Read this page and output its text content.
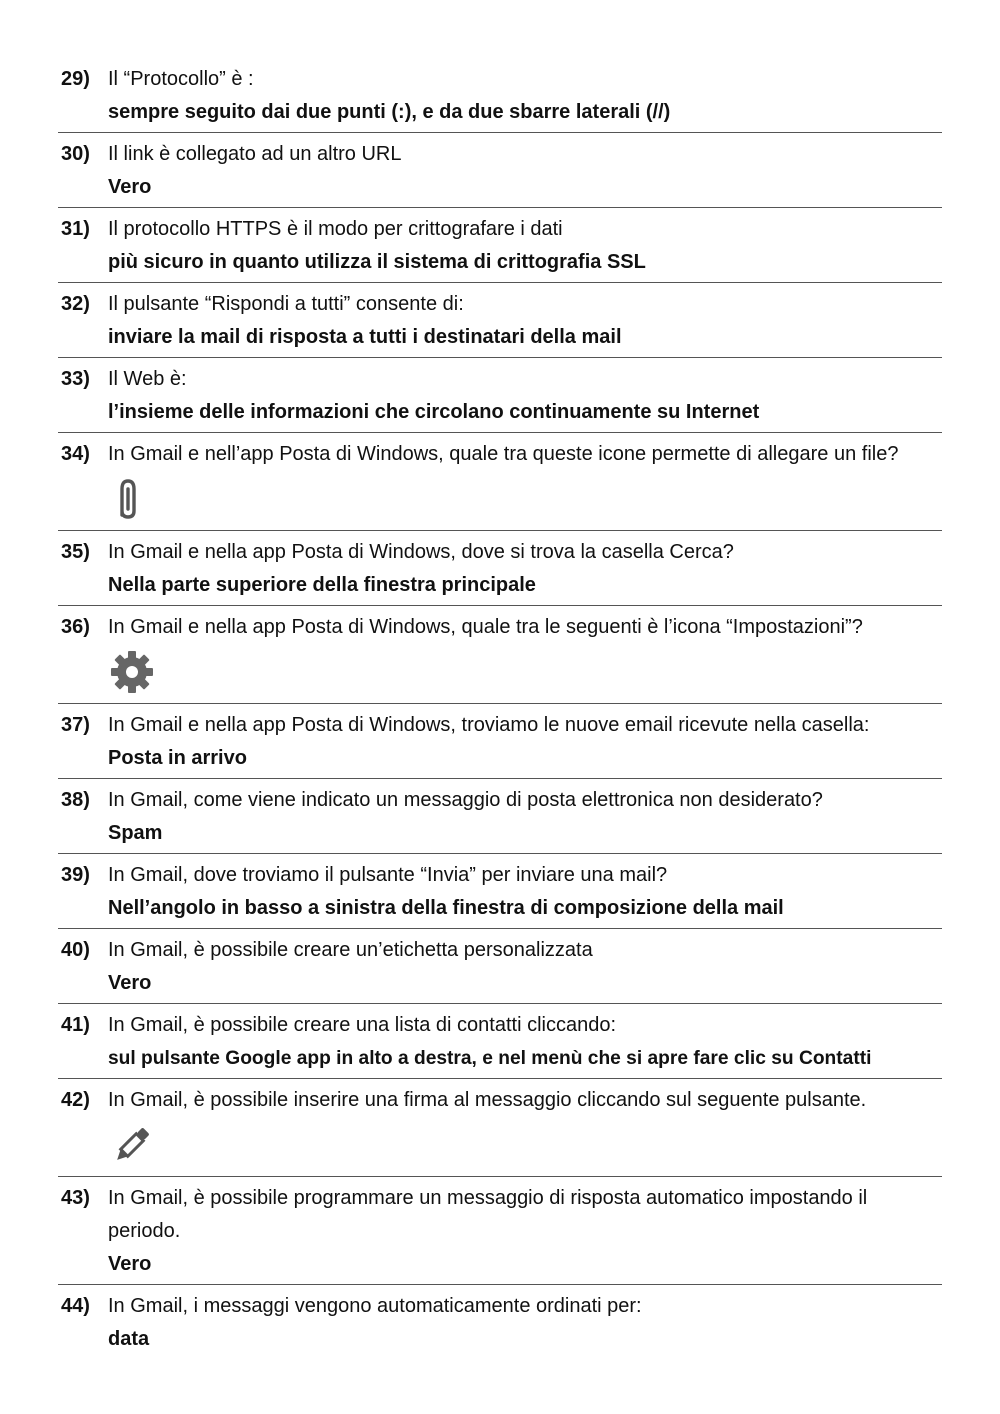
29) Il “Protocollo” è :
sempre seguito dai due punti (:), e da due sbarre laterali (//)
30) Il link è collegato ad un altro URL
Vero
31) Il protocollo HTTPS è il modo per crittografare i dati
più sicuro in quanto utilizza il sistema di crittografia SSL
32) Il pulsante “Rispondi a tutti” consente di:
inviare la mail di risposta a tutti i destinatari della mail
33) Il Web è:
l’insieme delle informazioni che circolano continuamente su Internet
34) In Gmail e nell’app Posta di Windows, quale tra queste icone permette di allegare un file?
35) In Gmail e nella app Posta di Windows, dove si trova la casella Cerca?
Nella parte superiore della finestra principale
36) In Gmail e nella app Posta di Windows, quale tra le seguenti è l’icona “Impostazioni”?
37) In Gmail e nella app Posta di Windows, troviamo le nuove email ricevute nella casella:
Posta in arrivo
38) In Gmail, come viene indicato un messaggio di posta elettronica non desiderato?
Spam
39) In Gmail, dove troviamo il pulsante “Invia” per inviare una mail?
Nell’angolo in basso a sinistra della finestra di composizione della mail
40) In Gmail, è possibile creare un’etichetta personalizzata
Vero
41) In Gmail, è possibile creare una lista di contatti cliccando:
sul pulsante Google app in alto a destra, e nel menù che si apre fare clic su Contatti
42) In Gmail, è possibile inserire una firma al messaggio cliccando sul seguente pulsante.
43) In Gmail, è possibile programmare un messaggio di risposta automatico impostando il periodo.
Vero
44) In Gmail, i messaggi vengono automaticamente ordinati per:
data
